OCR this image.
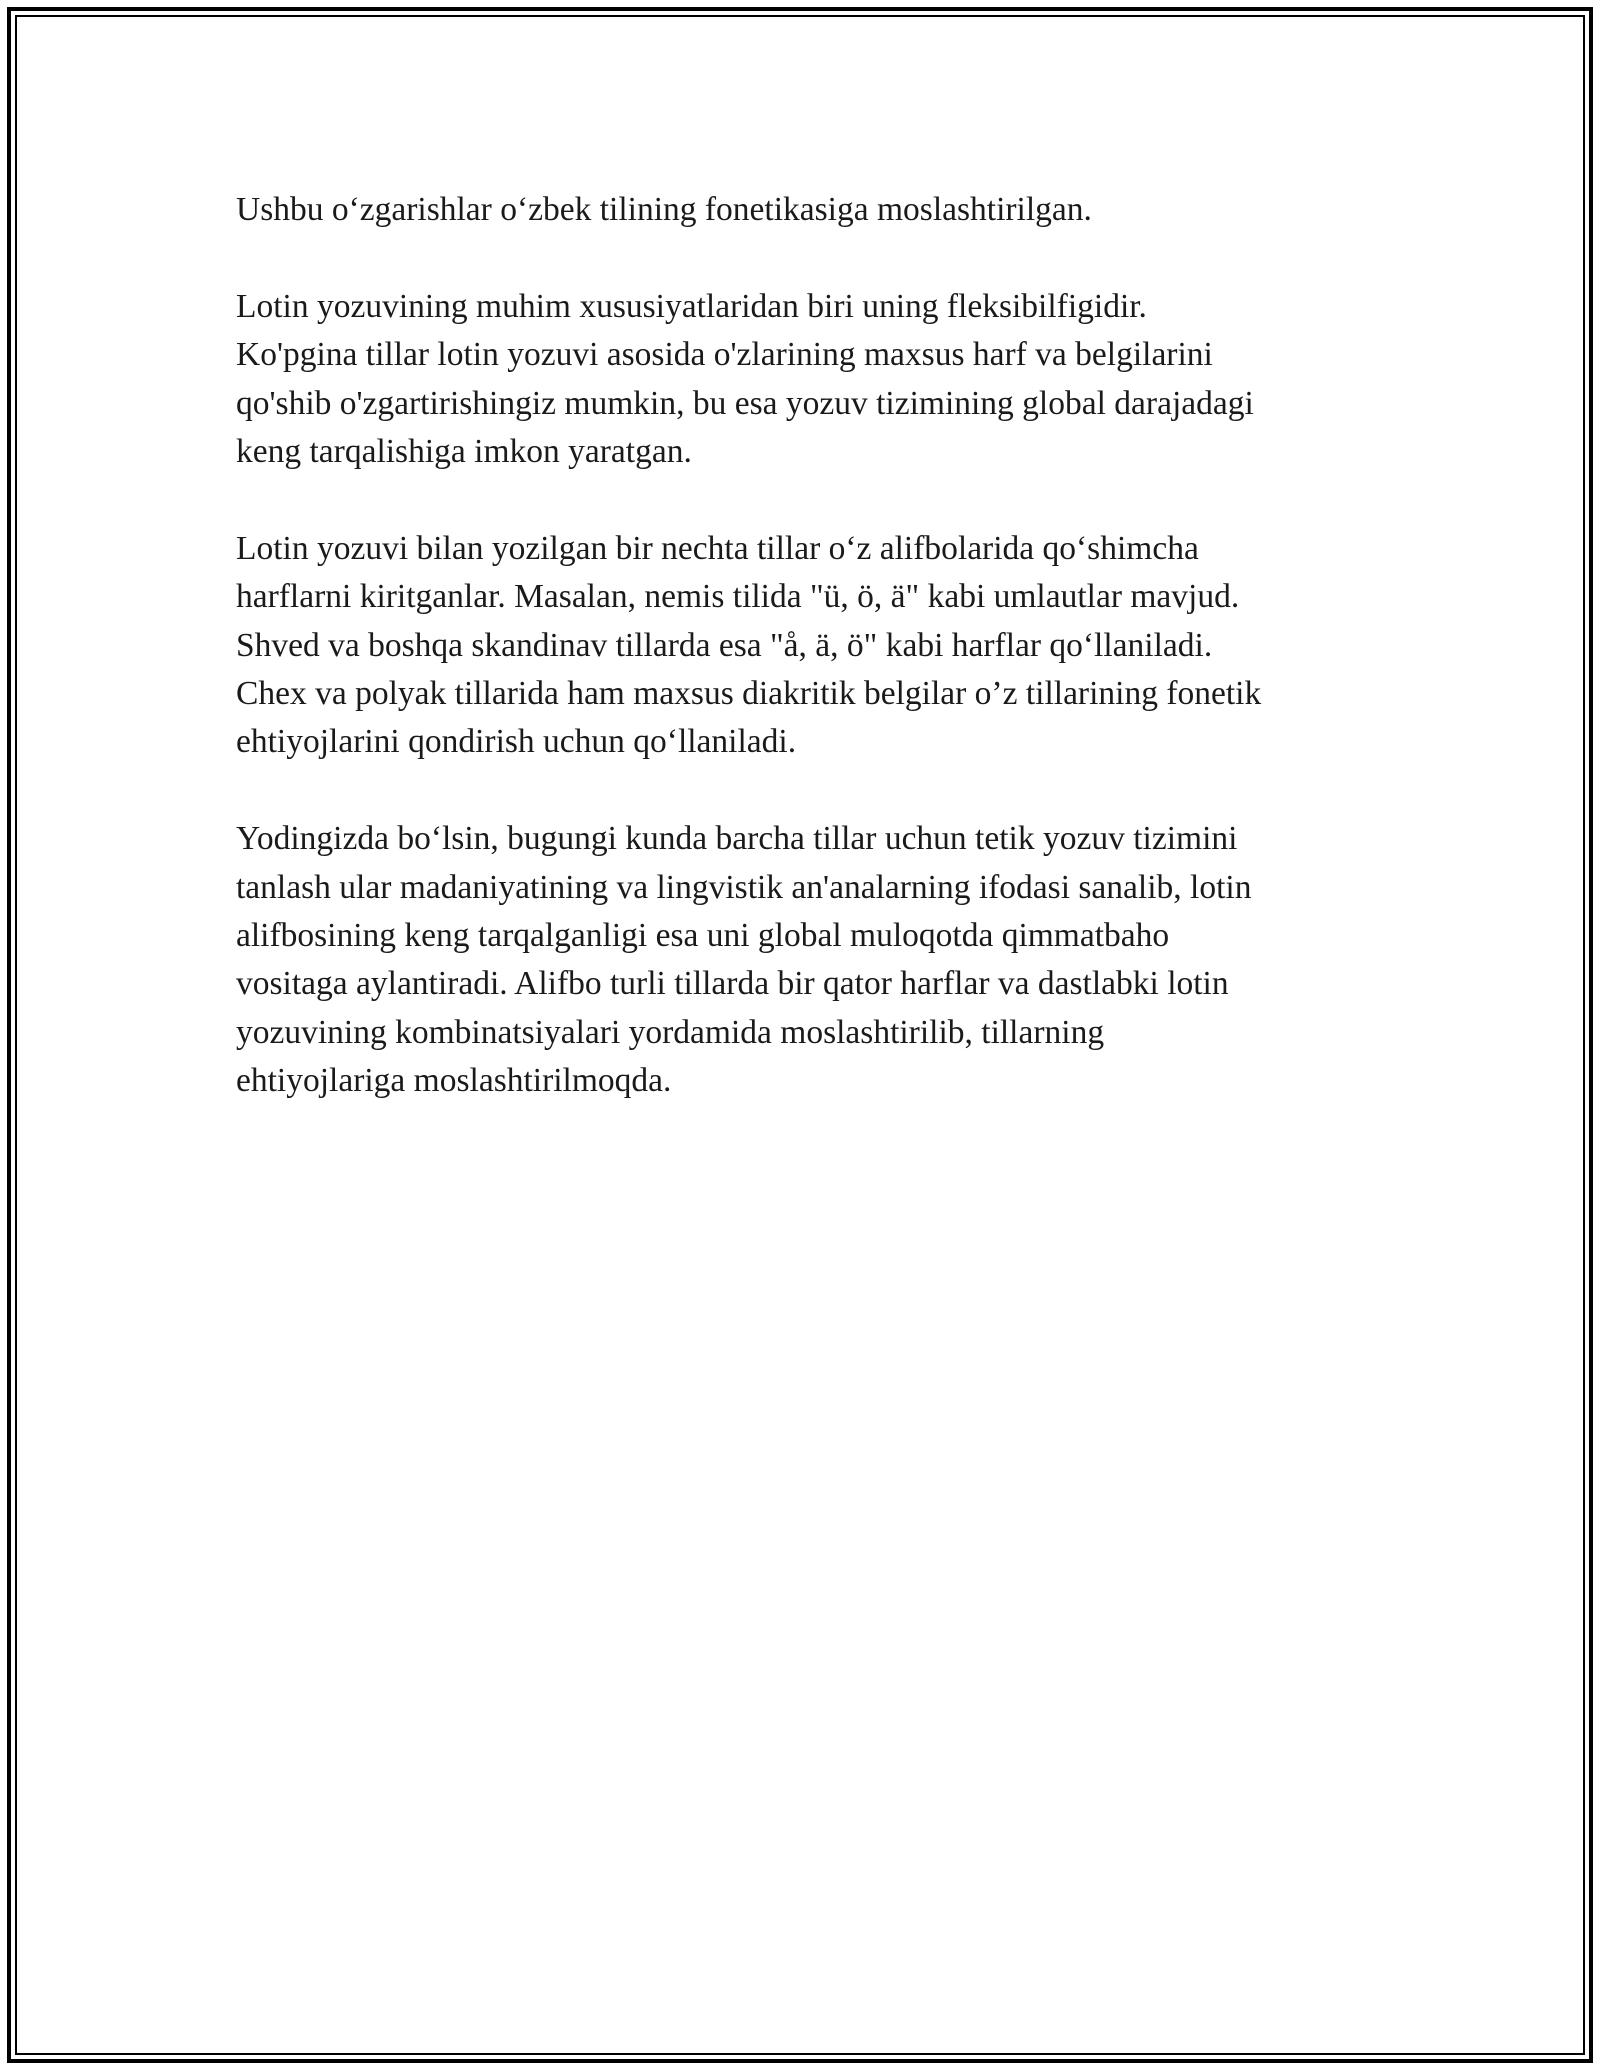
Ushbu o‘zgarishlar o‘zbek tilining fonetikasiga moslashtirilgan.

Lotin yozuvining muhim xususiyatlaridan biri uning fleksibilfigidir.
Ko'pgina tillar lotin yozuvi asosida o'zlarining maxsus harf va belgilarini
qo'shib o'zgartirishingiz mumkin, bu esa yozuv tizimining global darajadagi
keng tarqalishiga imkon yaratgan.

Lotin yozuvi bilan yozilgan bir nechta tillar o‘z alifbolarida qo‘shimcha
harflarni kiritganlar. Masalan, nemis tilida "ü, ö, ä" kabi umlautlar mavjud.
Shved va boshqa skandinav tillarda esa "å, ä, ö" kabi harflar qo‘llaniladi.
Chex va polyak tillarida ham maxsus diakritik belgilar o’z tillarining fonetik
ehtiyojlarini qondirish uchun qo‘llaniladi.

Yodingizda bo‘lsin, bugungi kunda barcha tillar uchun tetik yozuv tizimini
tanlash ular madaniyatining va lingvistik an'analarning ifodasi sanalib, lotin
alifbosining keng tarqalganligi esa uni global muloqotda qimmatbaho
vositaga aylantiradi. Alifbo turli tillarda bir qator harflar va dastlabki lotin
yozuvining kombinatsiyalari yordamida moslashtirilib, tillarning
ehtiyojlariga moslashtirilmoqda.
